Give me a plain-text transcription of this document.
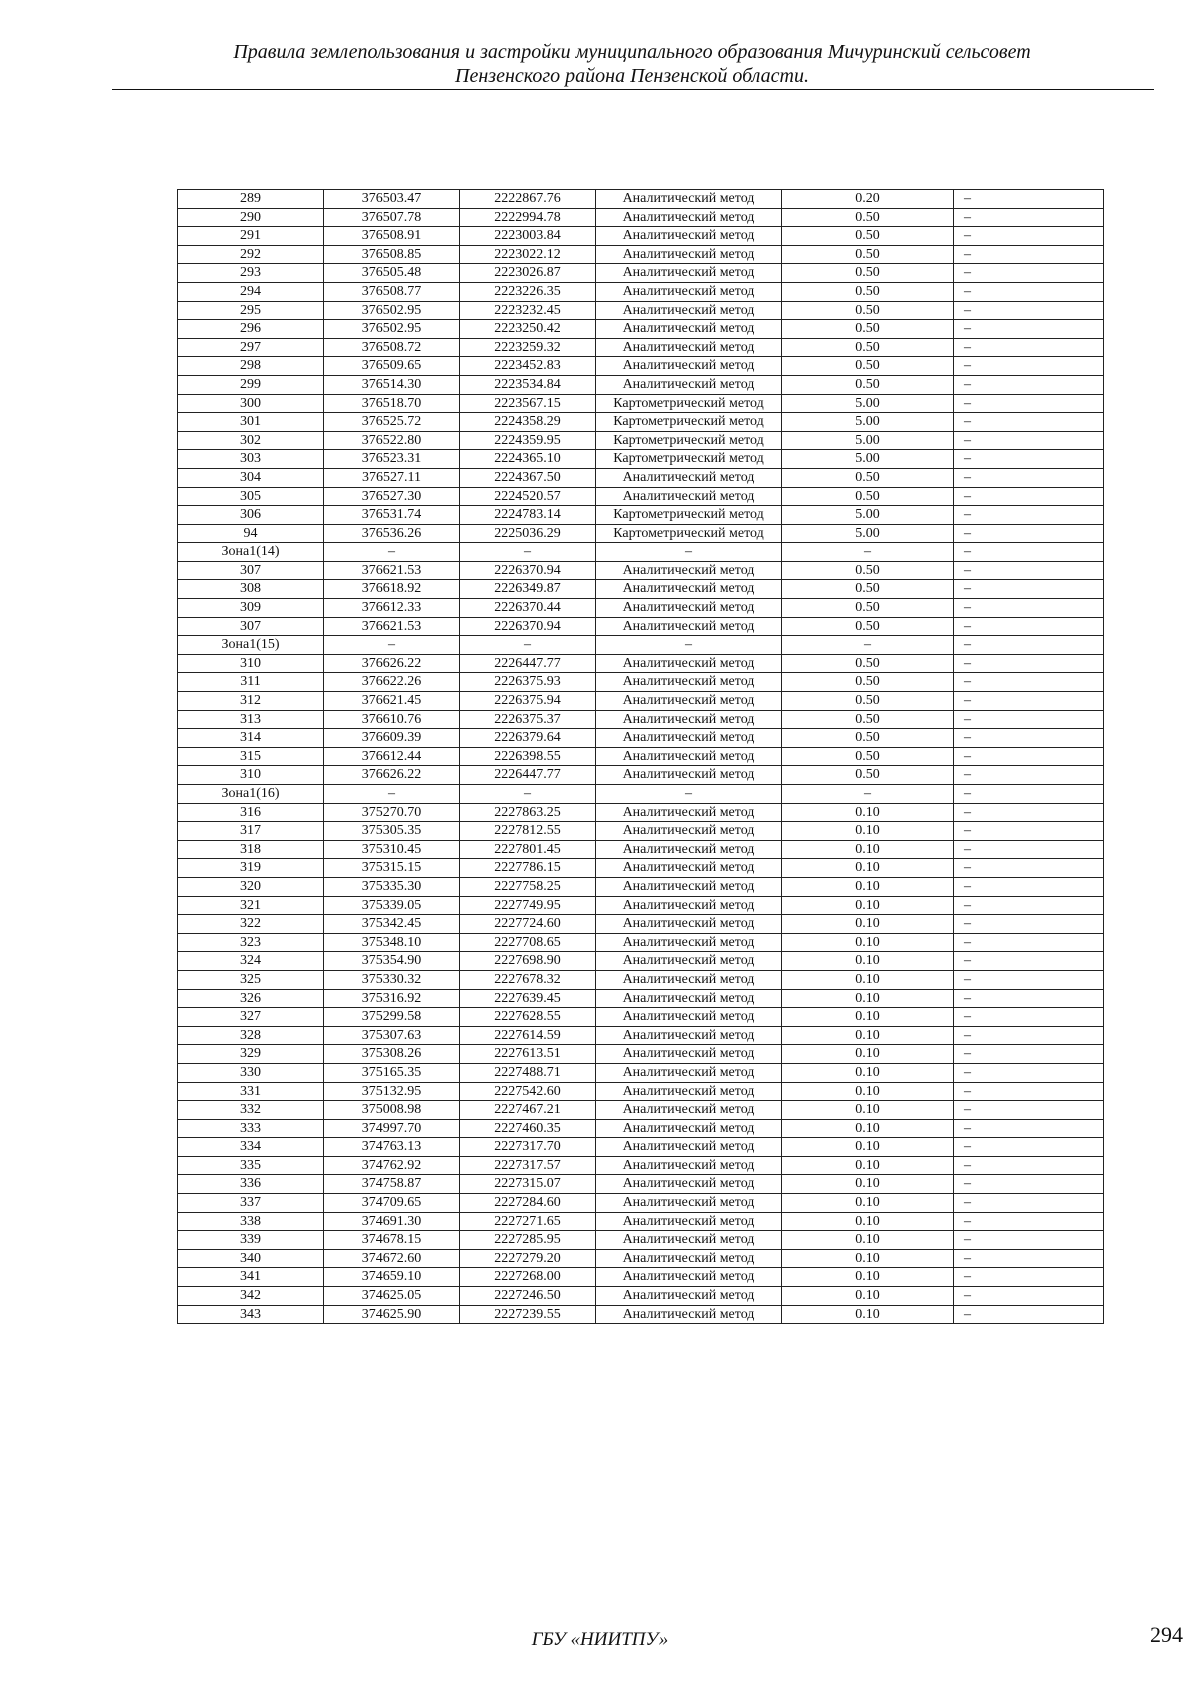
Правила землепользования и застройки муниципального образования Мичуринский сельсовет
Пензенского района Пензенской области.
289	376503.47	2222867.76	Аналитический метод	0.20	–
290	376507.78	2222994.78	Аналитический метод	0.50	–
291	376508.91	2223003.84	Аналитический метод	0.50	–
292	376508.85	2223022.12	Аналитический метод	0.50	–
293	376505.48	2223026.87	Аналитический метод	0.50	–
294	376508.77	2223226.35	Аналитический метод	0.50	–
295	376502.95	2223232.45	Аналитический метод	0.50	–
296	376502.95	2223250.42	Аналитический метод	0.50	–
297	376508.72	2223259.32	Аналитический метод	0.50	–
298	376509.65	2223452.83	Аналитический метод	0.50	–
299	376514.30	2223534.84	Аналитический метод	0.50	–
300	376518.70	2223567.15	Картометрический метод	5.00	–
301	376525.72	2224358.29	Картометрический метод	5.00	–
302	376522.80	2224359.95	Картометрический метод	5.00	–
303	376523.31	2224365.10	Картометрический метод	5.00	–
304	376527.11	2224367.50	Аналитический метод	0.50	–
305	376527.30	2224520.57	Аналитический метод	0.50	–
306	376531.74	2224783.14	Картометрический метод	5.00	–
94	376536.26	2225036.29	Картометрический метод	5.00	–
Зона1(14)	–	–	–	–	–
307	376621.53	2226370.94	Аналитический метод	0.50	–
308	376618.92	2226349.87	Аналитический метод	0.50	–
309	376612.33	2226370.44	Аналитический метод	0.50	–
307	376621.53	2226370.94	Аналитический метод	0.50	–
Зона1(15)	–	–	–	–	–
310	376626.22	2226447.77	Аналитический метод	0.50	–
311	376622.26	2226375.93	Аналитический метод	0.50	–
312	376621.45	2226375.94	Аналитический метод	0.50	–
313	376610.76	2226375.37	Аналитический метод	0.50	–
314	376609.39	2226379.64	Аналитический метод	0.50	–
315	376612.44	2226398.55	Аналитический метод	0.50	–
310	376626.22	2226447.77	Аналитический метод	0.50	–
Зона1(16)	–	–	–	–	–
316	375270.70	2227863.25	Аналитический метод	0.10	–
317	375305.35	2227812.55	Аналитический метод	0.10	–
318	375310.45	2227801.45	Аналитический метод	0.10	–
319	375315.15	2227786.15	Аналитический метод	0.10	–
320	375335.30	2227758.25	Аналитический метод	0.10	–
321	375339.05	2227749.95	Аналитический метод	0.10	–
322	375342.45	2227724.60	Аналитический метод	0.10	–
323	375348.10	2227708.65	Аналитический метод	0.10	–
324	375354.90	2227698.90	Аналитический метод	0.10	–
325	375330.32	2227678.32	Аналитический метод	0.10	–
326	375316.92	2227639.45	Аналитический метод	0.10	–
327	375299.58	2227628.55	Аналитический метод	0.10	–
328	375307.63	2227614.59	Аналитический метод	0.10	–
329	375308.26	2227613.51	Аналитический метод	0.10	–
330	375165.35	2227488.71	Аналитический метод	0.10	–
331	375132.95	2227542.60	Аналитический метод	0.10	–
332	375008.98	2227467.21	Аналитический метод	0.10	–
333	374997.70	2227460.35	Аналитический метод	0.10	–
334	374763.13	2227317.70	Аналитический метод	0.10	–
335	374762.92	2227317.57	Аналитический метод	0.10	–
336	374758.87	2227315.07	Аналитический метод	0.10	–
337	374709.65	2227284.60	Аналитический метод	0.10	–
338	374691.30	2227271.65	Аналитический метод	0.10	–
339	374678.15	2227285.95	Аналитический метод	0.10	–
340	374672.60	2227279.20	Аналитический метод	0.10	–
341	374659.10	2227268.00	Аналитический метод	0.10	–
342	374625.05	2227246.50	Аналитический метод	0.10	–
343	374625.90	2227239.55	Аналитический метод	0.10	–
ГБУ «НИИТПУ»	294
